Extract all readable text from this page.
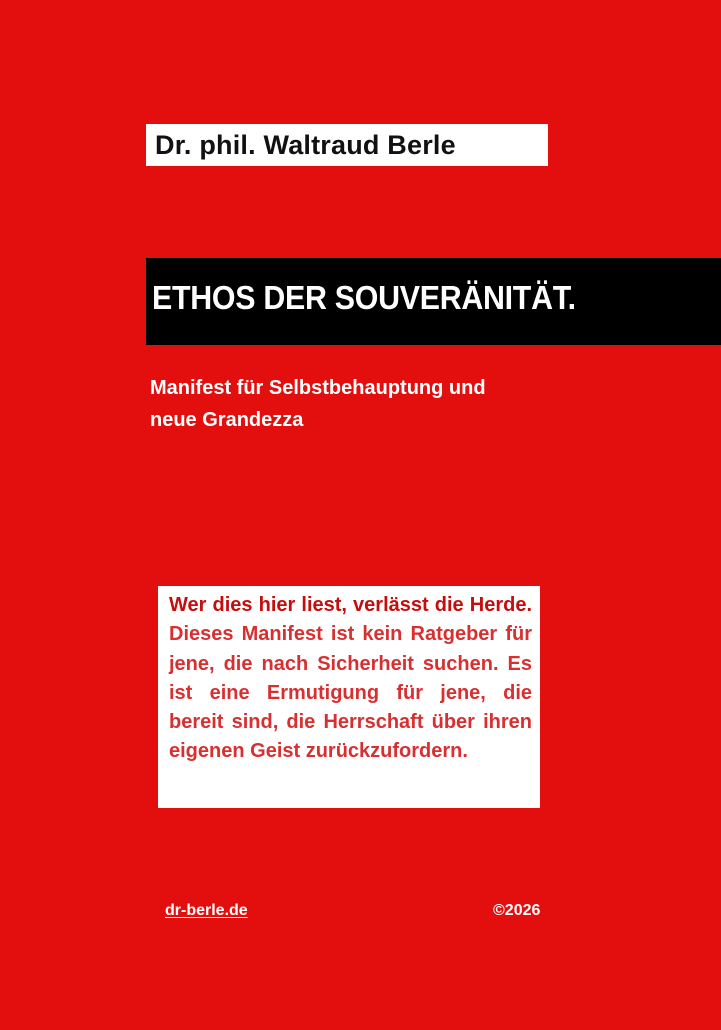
Dr. phil. Waltraud Berle
ETHOS DER SOUVERÄNITÄT.
Manifest für Selbstbehauptung und
neue Grandezza

Wer dies hier liest, verlässt die Herde. Dieses Manifest ist kein Ratgeber für jene, die nach Sicherheit suchen. Es ist eine Ermutigung für jene, die bereit sind, die Herrschaft über ihren eigenen Geist zurückzufordern.

dr-berle.de	©2026
